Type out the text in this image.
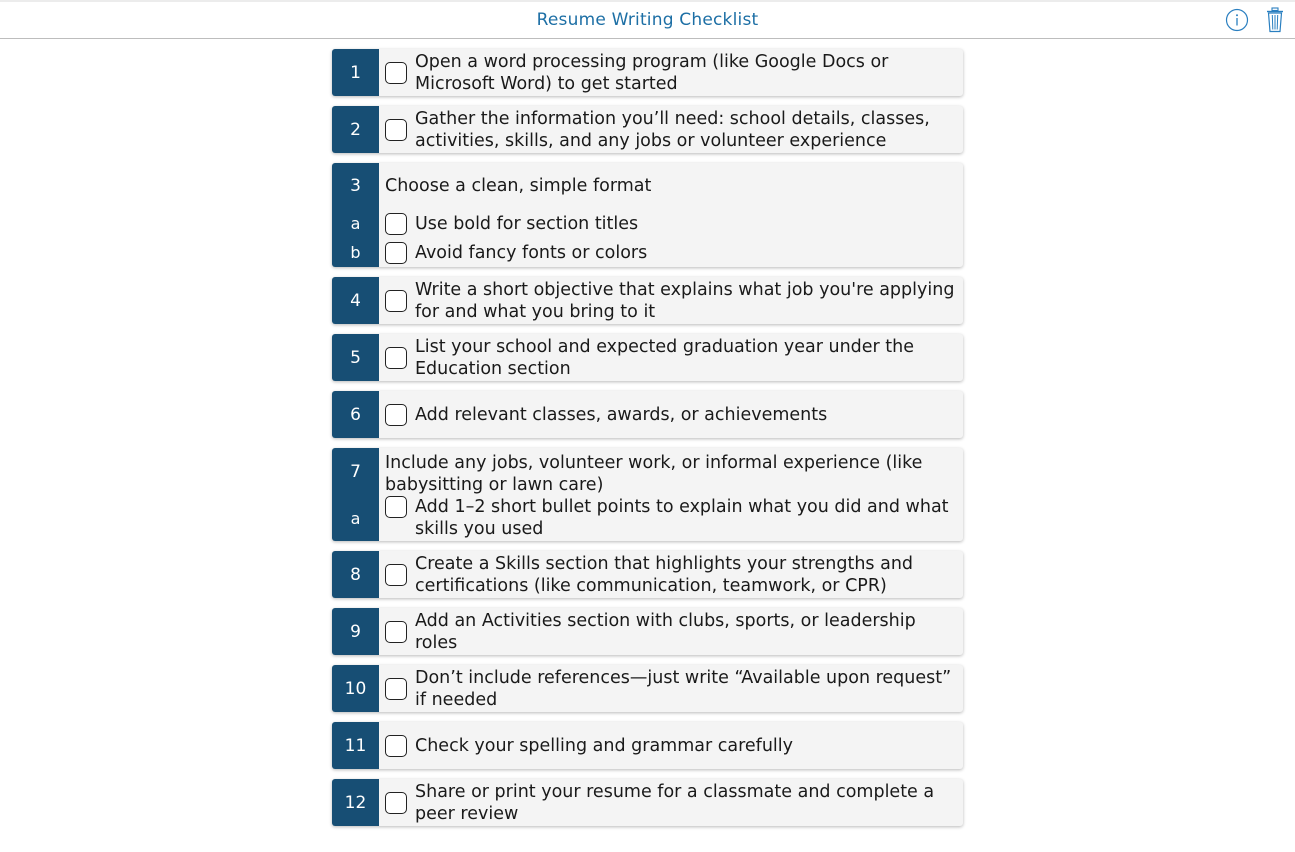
Resume Writing Checklist
1
Open a word processing program (like Google Docs or Microsoft Word) to get started
2
Gather the information you’ll need: school details, classes, activities, skills, and any jobs or volunteer experience
3
a
b
Choose a clean, simple format
Use bold for section titles
Avoid fancy fonts or colors
4
Write a short objective that explains what job you're applying for and what you bring to it
5
List your school and expected graduation year under the Education section
6	Add relevant classes, awards, or achievements
7
a
Include any jobs, volunteer work, or informal experience (like babysitting or lawn care)
Add 1–2 short bullet points to explain what you did and what skills you used
8
Create a Skills section that highlights your strengths and certifications (like communication, teamwork, or CPR)
9
Add an Activities section with clubs, sports, or leadership roles
10
Don’t include references—just write “Available upon request” if needed
11	Check your spelling and grammar carefully
12
Share or print your resume for a classmate and complete a peer review
